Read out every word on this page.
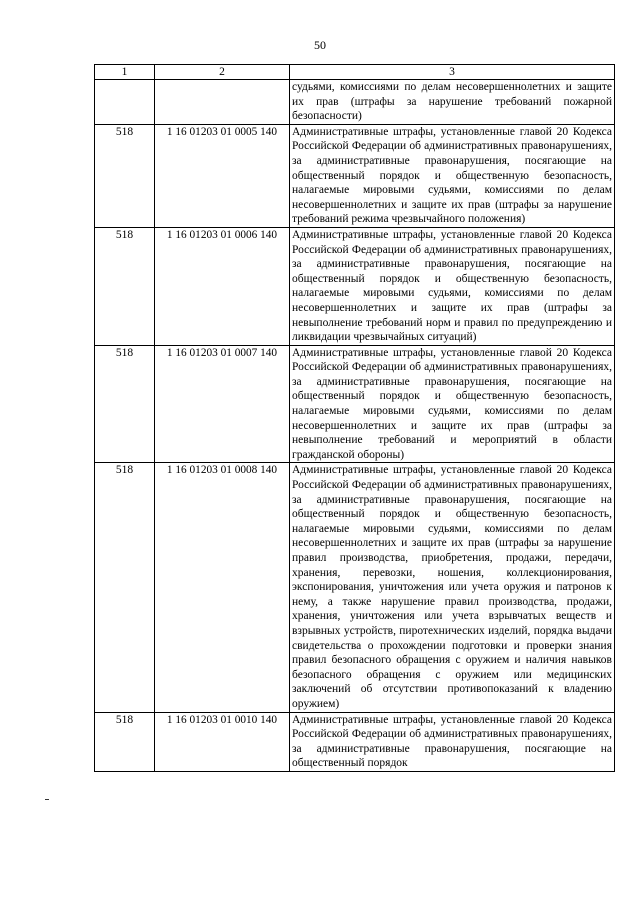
50
1	2	3
		судьями, комиссиями по делам несовершеннолетних и защите их прав (штрафы за нарушение требований пожарной безопасности)
518	1 16 01203 01 0005 140	Административные штрафы, установленные главой 20 Кодекса Российской Федерации об административных правонарушениях, за административные правонарушения, посягающие на общественный порядок и общественную безопасность, налагаемые мировыми судьями, комиссиями по делам несовершеннолетних и защите их прав (штрафы за нарушение требований режима чрезвычайного положения)
518	1 16 01203 01 0006 140	Административные штрафы, установленные главой 20 Кодекса Российской Федерации об административных правонарушениях, за административные правонарушения, посягающие на общественный порядок и общественную безопасность, налагаемые мировыми судьями, комиссиями по делам несовершеннолетних и защите их прав (штрафы за невыполнение требований норм и правил по предупреждению и ликвидации чрезвычайных ситуаций)
518	1 16 01203 01 0007 140	Административные штрафы, установленные главой 20 Кодекса Российской Федерации об административных правонарушениях, за административные правонарушения, посягающие на общественный порядок и общественную безопасность, налагаемые мировыми судьями, комиссиями по делам несовершеннолетних и защите их прав (штрафы за невыполнение требований и мероприятий в области гражданской обороны)
518	1 16 01203 01 0008 140	Административные штрафы, установленные главой 20 Кодекса Российской Федерации об административных правонарушениях, за административные правонарушения, посягающие на общественный порядок и общественную безопасность, налагаемые мировыми судьями, комиссиями по делам несовершеннолетних и защите их прав (штрафы за нарушение правил производства, приобретения, продажи, передачи, хранения, перевозки, ношения, коллекционирования, экспонирования, уничтожения или учета оружия и патронов к нему, а также нарушение правил производства, продажи, хранения, уничтожения или учета взрывчатых веществ и взрывных устройств, пиротехнических изделий, порядка выдачи свидетельства о прохождении подготовки и проверки знания правил безопасного обращения с оружием и наличия навыков безопасного обращения с оружием или медицинских заключений об отсутствии противопоказаний к владению оружием)
518	1 16 01203 01 0010 140	Административные штрафы, установленные главой 20 Кодекса Российской Федерации об административных правонарушениях, за административные правонарушения, посягающие на общественный порядок
